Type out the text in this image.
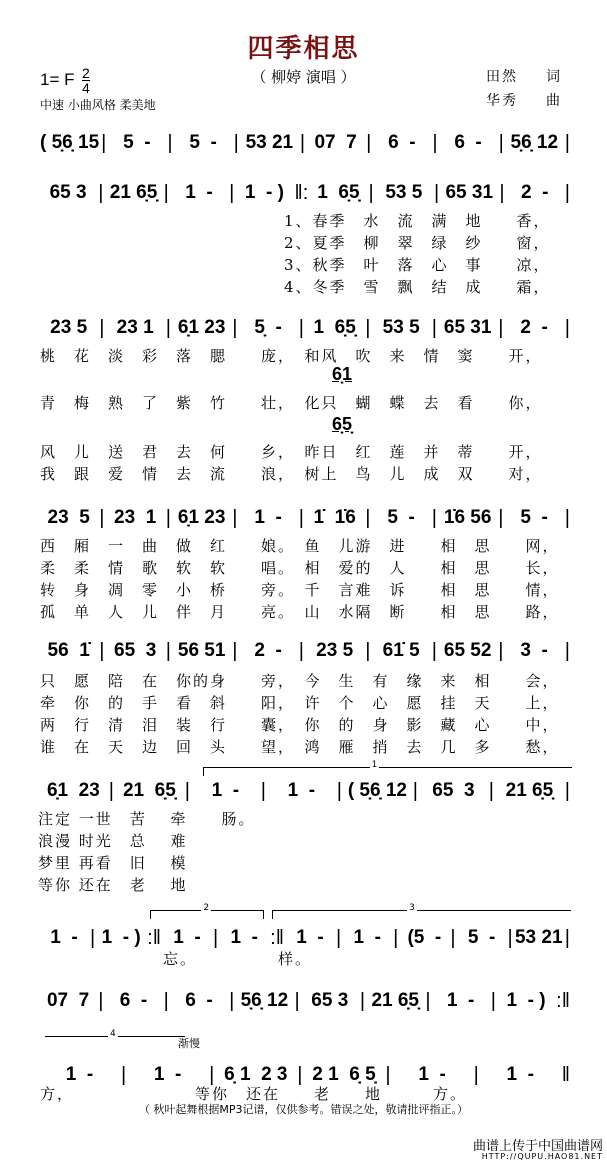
四季相思
（ 柳婷 演唱 ）
1= F $\frac{2}{4}$
中速 小曲风格 柔美地
田然 词
华秀 曲
( 5̣6̣ 15 | 5  - | 5  - | 53 21 | 07  7 | 6  - | 6  - | 5̣6̣ 12 |
65 3 | 21 6̣5̣ | 1  - | 1  - ) ‖: 1  6̣5̣ | 53 5 | 65 31 | 2  - |
23 5 | 23 1 | 6̣1 23 | 5̣  - | 1  6̣5̣ | 53 5 | 65 31 | 2  - |
23  5 | 23  1 | 6̣1 23 | 1  - | 1̇  1̇6 | 5  - | 1̇6 56 | 5  - |
56  1̇ | 65  3 | 56 51 | 2  - | 23 5 | 61̇ 5 | 65 52 | 3  - |
6̣1  23 | 21  6̣5̣ |	1  -	|	1  -	| ( 5̣6̣ 12 | 65  3 | 21 6̣5̣ |
1  - | 1  - ) :‖ 1  - | 1  - :‖ 1  - | 1  - | (5  - | 5  - | 53 21 |
07  7 | 6  - | 6  - | 5̣6̣ 12 | 65 3 | 21 6̣5̣ | 1  - | 1  - ) :‖
1  -	|	1  -	| 6̣ 1  2 3 | 2 1  6̣ 5̣ |	1  -	|	1  -	‖
1、春季　水　流　满　地　　香，
2、夏季　柳　翠　绿　纱　　窗，
3、秋季　叶　落　心　事　　凉，
4、冬季　雪　飘　结　成　　霜，
桃　花　淡　彩　落　腮　　庞，　和风　吹　来　情　窦　　开，
6̣1
青　梅　熟　了　紫　竹　　壮，　化只　蝴　蝶　去　看　　你，
6̣5̣
风　儿　送　君　去　何　　乡，　昨日　红　莲　并　蒂　　开，
我　跟　爱　情　去　流　　浪，　树上　鸟　儿　成　双　　对，
西　厢　一　曲　做　红　　娘。　鱼　儿游　进　　相　思　　网，
柔　柔　情　歌　软　软　　唱。　相　爱的　人　　相　思　　长，
转　身　凋　零　小　桥　　旁。　千　言难　诉　　相　思　　情，
孤　单　人　儿　伴　月　　亮。　山　水隔　断　　相　思　　路，
只　愿　陪　在　你的身　　旁，　今　生　有　缘　来　相　　会，
牵　你　的　手　看　斜　　阳，　许　个　心　愿　挂　天　　上，
两　行　清　泪　装　行　　囊，　你　的　身　影　藏　心　　中，
谁　在　天　边　回　头　　望，　鸿　雁　捎　去　几　多　　愁，
注定 一世　苦　 牵　　肠。
浪漫 时光　总　 难
梦里 再看　旧　 模
等你 还在　老　 地
忘。	样。
方，	等你　还在　　老　　地　　　方。
1
2	3
4
渐慢
（ 秋叶起舞根据MP3记谱，仅供参考。错误之处，敬请批评指正。）
曲谱上传于中国曲谱网
HTTP://QUPU.HAO81.NET
